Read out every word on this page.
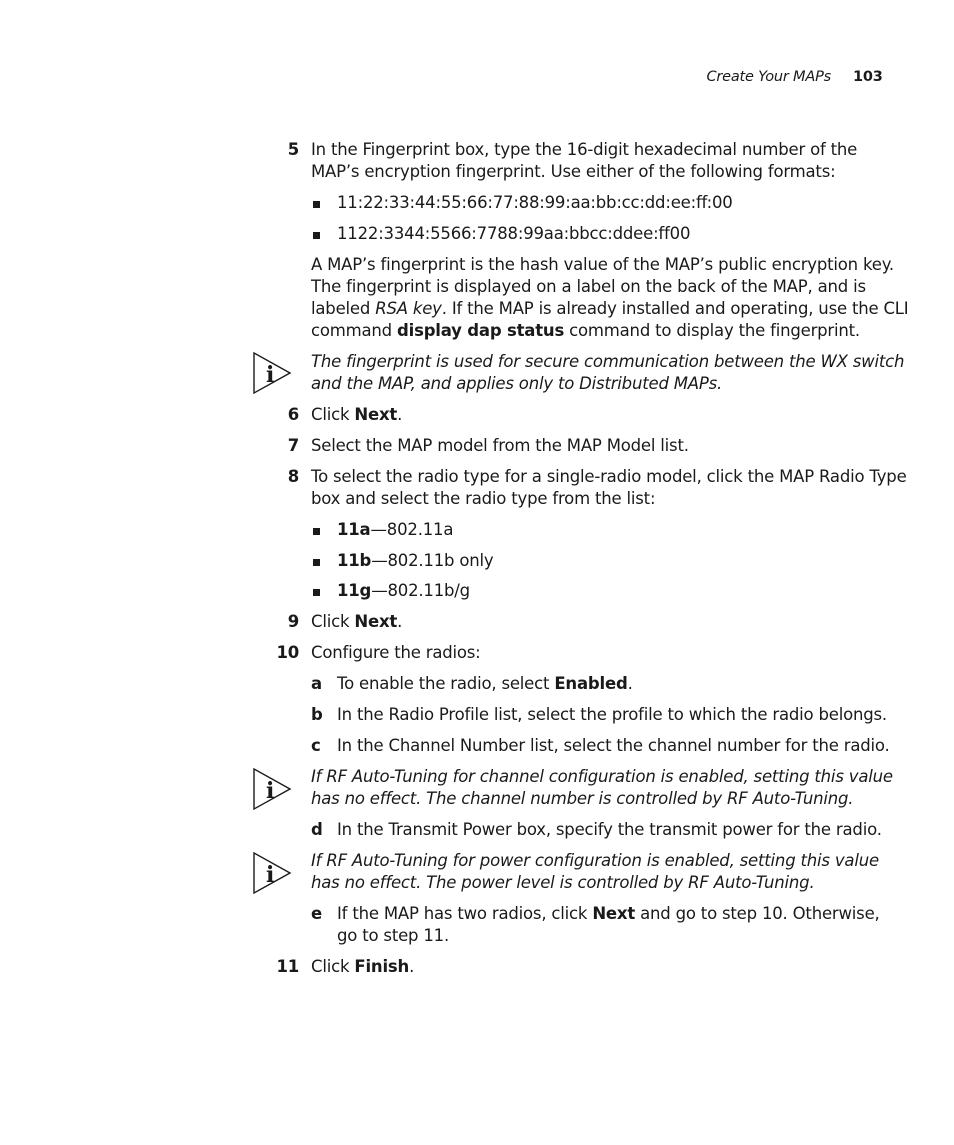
Create Your MAPs 103
5 In the Fingerprint box, type the 16-digit hexadecimal number of the
MAP’s encryption fingerprint. Use either of the following formats:
11:22:33:44:55:66:77:88:99:aa:bb:cc:dd:ee:ff:00
1122:3344:5566:7788:99aa:bbcc:ddee:ff00
A MAP’s fingerprint is the hash value of the MAP’s public encryption key.
The fingerprint is displayed on a label on the back of the MAP, and is
labeled RSA key. If the MAP is already installed and operating, use the CLI
command display dap status command to display the fingerprint.
i
The fingerprint is used for secure communication between the WX switch
and the MAP, and applies only to Distributed MAPs.
6 Click Next.
7 Select the MAP model from the MAP Model list.
8 To select the radio type for a single-radio model, click the MAP Radio Type
box and select the radio type from the list:
11a—802.11a
11b—802.11b only
11g—802.11b/g
9 Click Next.
10 Configure the radios:
a To enable the radio, select Enabled.
b In the Radio Profile list, select the profile to which the radio belongs.
c In the Channel Number list, select the channel number for the radio.
i
If RF Auto-Tuning for channel configuration is enabled, setting this value
has no effect. The channel number is controlled by RF Auto-Tuning.
d In the Transmit Power box, specify the transmit power for the radio.
i
If RF Auto-Tuning for power configuration is enabled, setting this value
has no effect. The power level is controlled by RF Auto-Tuning.
e If the MAP has two radios, click Next and go to step 10. Otherwise,
go to step 11.
11 Click Finish.
